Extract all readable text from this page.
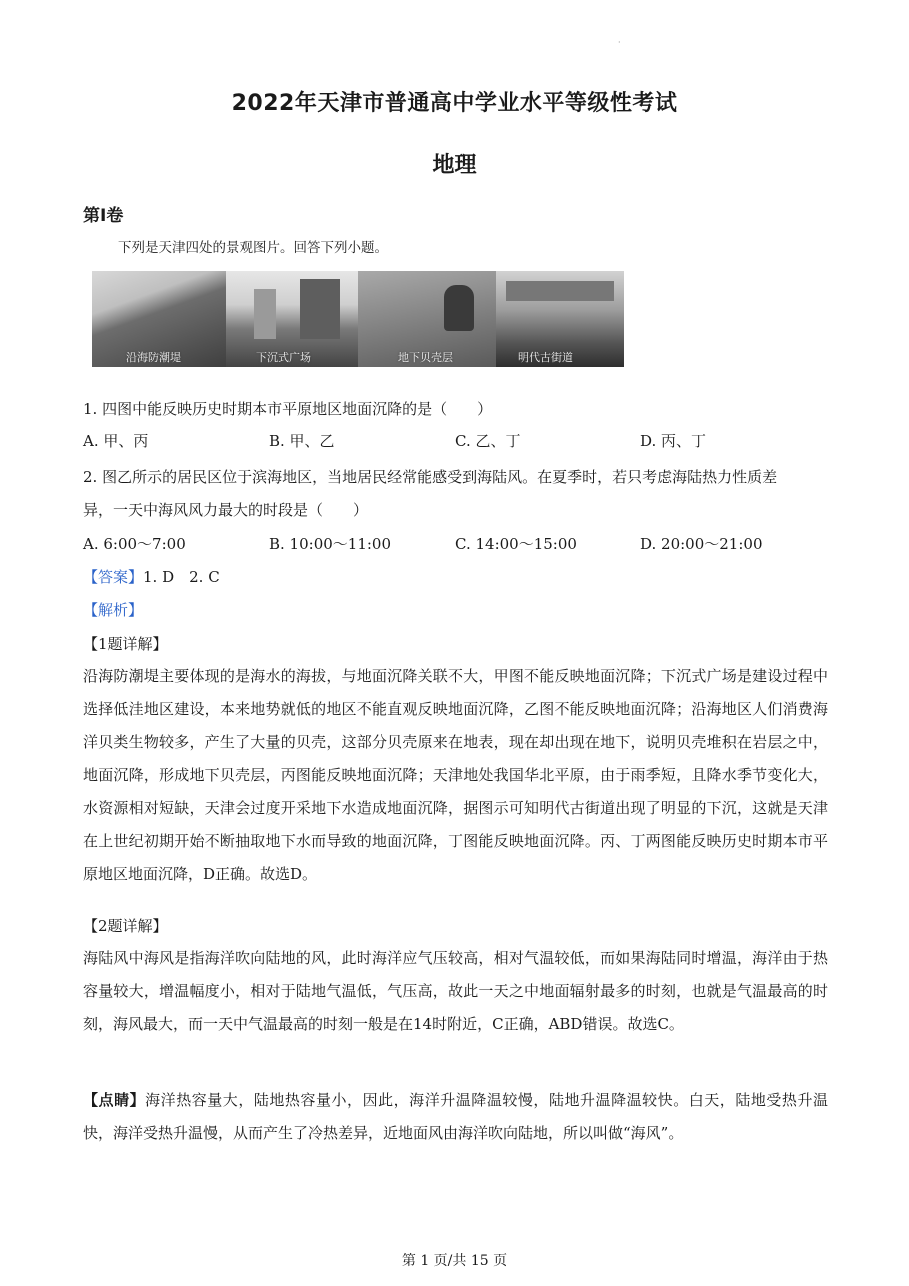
·
2022年天津市普通高中学业水平等级性考试
地理
第Ⅰ卷
下列是天津四处的景观图片。回答下列小题。
沿海防潮堤	下沉式广场	地下贝壳层	明代古街道
1. 四图中能反映历史时期本市平原地区地面沉降的是（　　）
A. 甲、丙	B. 甲、乙	C. 乙、丁	D. 丙、丁
2. 图乙所示的居民区位于滨海地区，当地居民经常能感受到海陆风。在夏季时，若只考虑海陆热力性质差
异，一天中海风风力最大的时段是（　　）
A. 6:00～7:00	B. 10:00～11:00	C. 14:00～15:00	D. 20:00～21:00
【答案】1. D　2. C
【解析】
【1题详解】
沿海防潮堤主要体现的是海水的海拔，与地面沉降关联不大，甲图不能反映地面沉降；下沉式广场是建设过程中选择低洼地区建设，本来地势就低的地区不能直观反映地面沉降，乙图不能反映地面沉降；沿海地区人们消费海洋贝类生物较多，产生了大量的贝壳，这部分贝壳原来在地表，现在却出现在地下，说明贝壳堆积在岩层之中，地面沉降，形成地下贝壳层，丙图能反映地面沉降；天津地处我国华北平原，由于雨季短，且降水季节变化大，水资源相对短缺，天津会过度开采地下水造成地面沉降，据图示可知明代古街道出现了明显的下沉，这就是天津在上世纪初期开始不断抽取地下水而导致的地面沉降，丁图能反映地面沉降。丙、丁两图能反映历史时期本市平原地区地面沉降，D正确。故选D。
【2题详解】
海陆风中海风是指海洋吹向陆地的风，此时海洋应气压较高，相对气温较低，而如果海陆同时增温，海洋由于热容量较大，增温幅度小，相对于陆地气温低，气压高，故此一天之中地面辐射最多的时刻，也就是气温最高的时刻，海风最大，而一天中气温最高的时刻一般是在14时附近，C正确，ABD错误。故选C。
【点睛】海洋热容量大，陆地热容量小，因此，海洋升温降温较慢，陆地升温降温较快。白天，陆地受热升温快，海洋受热升温慢，从而产生了冷热差异，近地面风由海洋吹向陆地，所以叫做“海风”。
第 1 页/共 15 页
